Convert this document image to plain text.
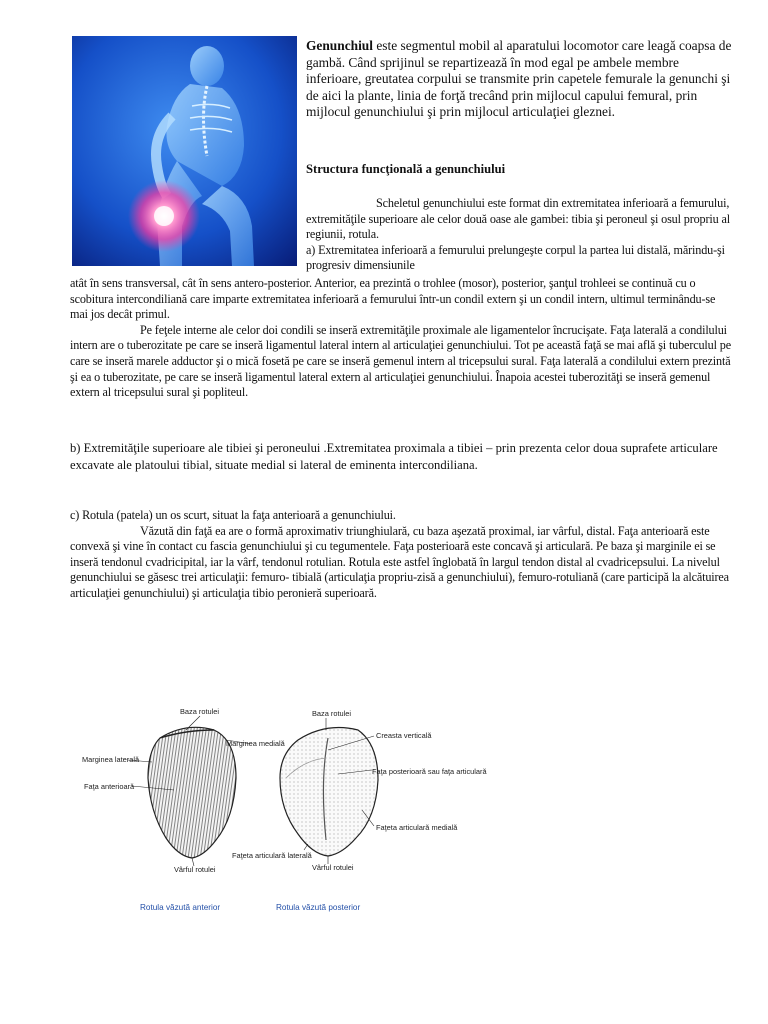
Genunchiul este segmentul mobil al aparatului locomotor care leagă coapsa de gambă. Când sprijinul se repartizează în mod egal pe ambele membre inferioare, greutatea corpului se transmite prin capetele femurale la genunchi şi de aici la plante, linia de forţă trecând prin mijlocul capului femural, prin mijlocul genunchiului şi prin mijlocul articulaţiei gleznei.

Structura funcţională a genunchiului

Scheletul genunchiului este format din extremitatea inferioară a femurului, extremităţile superioare ale celor două oase ale gambei: tibia şi peroneul şi osul propriu al regiunii, rotula.
a) Extremitatea inferioară a femurului prelungeşte corpul la partea lui distală, mărindu-şi progresiv dimensiunile
atât în sens transversal, cât în sens antero-posterior. Anterior, ea prezintă o trohlee (mosor), posterior, şanţul trohleei se continuă cu o scobitura intercondiliană care imparte extremitatea inferioară a femurului într-un condil extern şi un condil intern, ultimul terminându-se mai jos decât primul.
Pe feţele interne ale celor doi condili se inseră extremităţile proximale ale ligamentelor încrucişate. Faţa laterală a condilului intern are o tuberozitate pe care se inseră ligamentul lateral intern al articulaţiei genunchiului. Tot pe această faţă se mai află şi tuberculul pe care se inseră marele adductor şi o mică fosetă pe care se inseră gemenul intern al tricepsului sural. Faţa laterală a condilului extern prezintă şi ea o tuberozitate, pe care se inseră ligamentul lateral extern al articulaţiei genunchiului. Înapoia acestei tuberozităţi se inseră gemenul extern al tricepsului sural şi popliteul.

b) Extremităţile superioare ale tibiei şi peroneului .Extremitatea proximala a tibiei – prin prezenta celor doua suprafete articulare excavate ale platoului tibial, situate medial si lateral de eminenta intercondiliana.

c) Rotula (patela) un os scurt, situat la faţa anterioară a genunchiului.
Văzută din faţă ea are o formă aproximativ triunghiulară, cu baza aşezată proximal, iar vârful, distal. Faţa anterioară este convexă şi vine în contact cu fascia genunchiului şi cu tegumentele. Faţa posterioară este concavă şi articulară. Pe baza şi marginile ei se inseră tendonul cvadricipital, iar la vârf, tendonul rotulian. Rotula este astfel înglobată în largul tendon distal al cvadricepsului. La nivelul genunchiului se găsesc trei articulaţii: femuro- tibială (articulaţia propriu-zisă a genunchiului), femuro-rotuliană (care participă la alcătuirea articulaţiei genunchiului) şi articulaţia tibio peronieră superioară.
Baza rotulei
Marginea medială
Marginea laterală
Faţa anterioară
Vârful rotulei
Baza rotulei
Creasta verticală
Faţa posterioară sau faţa articulară
Faţeta articulară medială
Faţeta articulară laterală
Vârful rotulei
Rotula văzută anterior	Rotula văzută posterior
